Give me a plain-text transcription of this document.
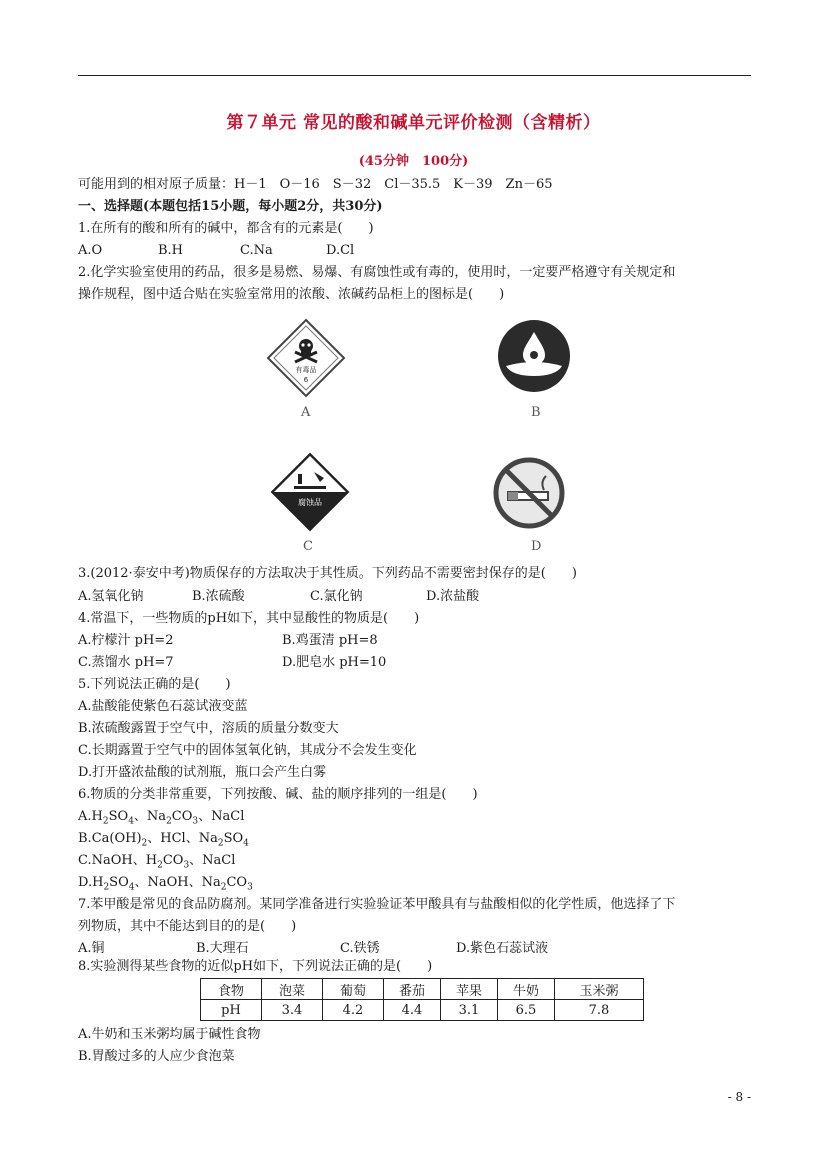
第７单元 常见的酸和碱单元评价检测（含精析）
(45分钟　100分)
可能用到的相对原子质量：H－1　O－16　S－32　Cl－35.5　K－39　Zn－65
一、选择题(本题包括15小题，每小题2分，共30分)
1.在所有的酸和所有的碱中，都含有的元素是(　　)
A.O	B.H	C.Na	D.Cl
2.化学实验室使用的药品，很多是易燃、易爆、有腐蚀性或有毒的，使用时，一定要严格遵守有关规定和
操作规程，图中适合贴在实验室常用的浓酸、浓碱药品柜上的图标是(　　)
有毒品
6
A	B
腐蚀品
C	D
3.(2012·泰安中考)物质保存的方法取决于其性质。下列药品不需要密封保存的是(　　)
A.氢氧化钠	B.浓硫酸	C.氯化钠	D.浓盐酸
4.常温下，一些物质的pH如下，其中显酸性的物质是(　　)
A.柠檬汁 pH=2	B.鸡蛋清 pH=8
C.蒸馏水 pH=7	D.肥皂水 pH=10
5.下列说法正确的是(　　)
A.盐酸能使紫色石蕊试液变蓝
B.浓硫酸露置于空气中，溶质的质量分数变大
C.长期露置于空气中的固体氢氧化钠，其成分不会发生变化
D.打开盛浓盐酸的试剂瓶，瓶口会产生白雾
6.物质的分类非常重要，下列按酸、碱、盐的顺序排列的一组是(　　)
$A.H_2SO_4$、$Na_2CO_3$、NaCl
$B.Ca(OH)_2$、HCl、$Na_2SO_4$
C.NaOH、$H_2CO_3$、NaCl
$D.H_2SO_4$、NaOH、$Na_2CO_3$
7.苯甲酸是常见的食品防腐剂。某同学准备进行实验验证苯甲酸具有与盐酸相似的化学性质，他选择了下
列物质，其中不能达到目的的是(　　)
A.铜	B.大理石	C.铁锈	D.紫色石蕊试液
8.实验测得某些食物的近似pH如下，下列说法正确的是(　　)
食物	泡菜	葡萄	番茄	苹果	牛奶	玉米粥
pH	3.4	4.2	4.4	3.1	6.5	7.8
A.牛奶和玉米粥均属于碱性食物
B.胃酸过多的人应少食泡菜
- 8 -
